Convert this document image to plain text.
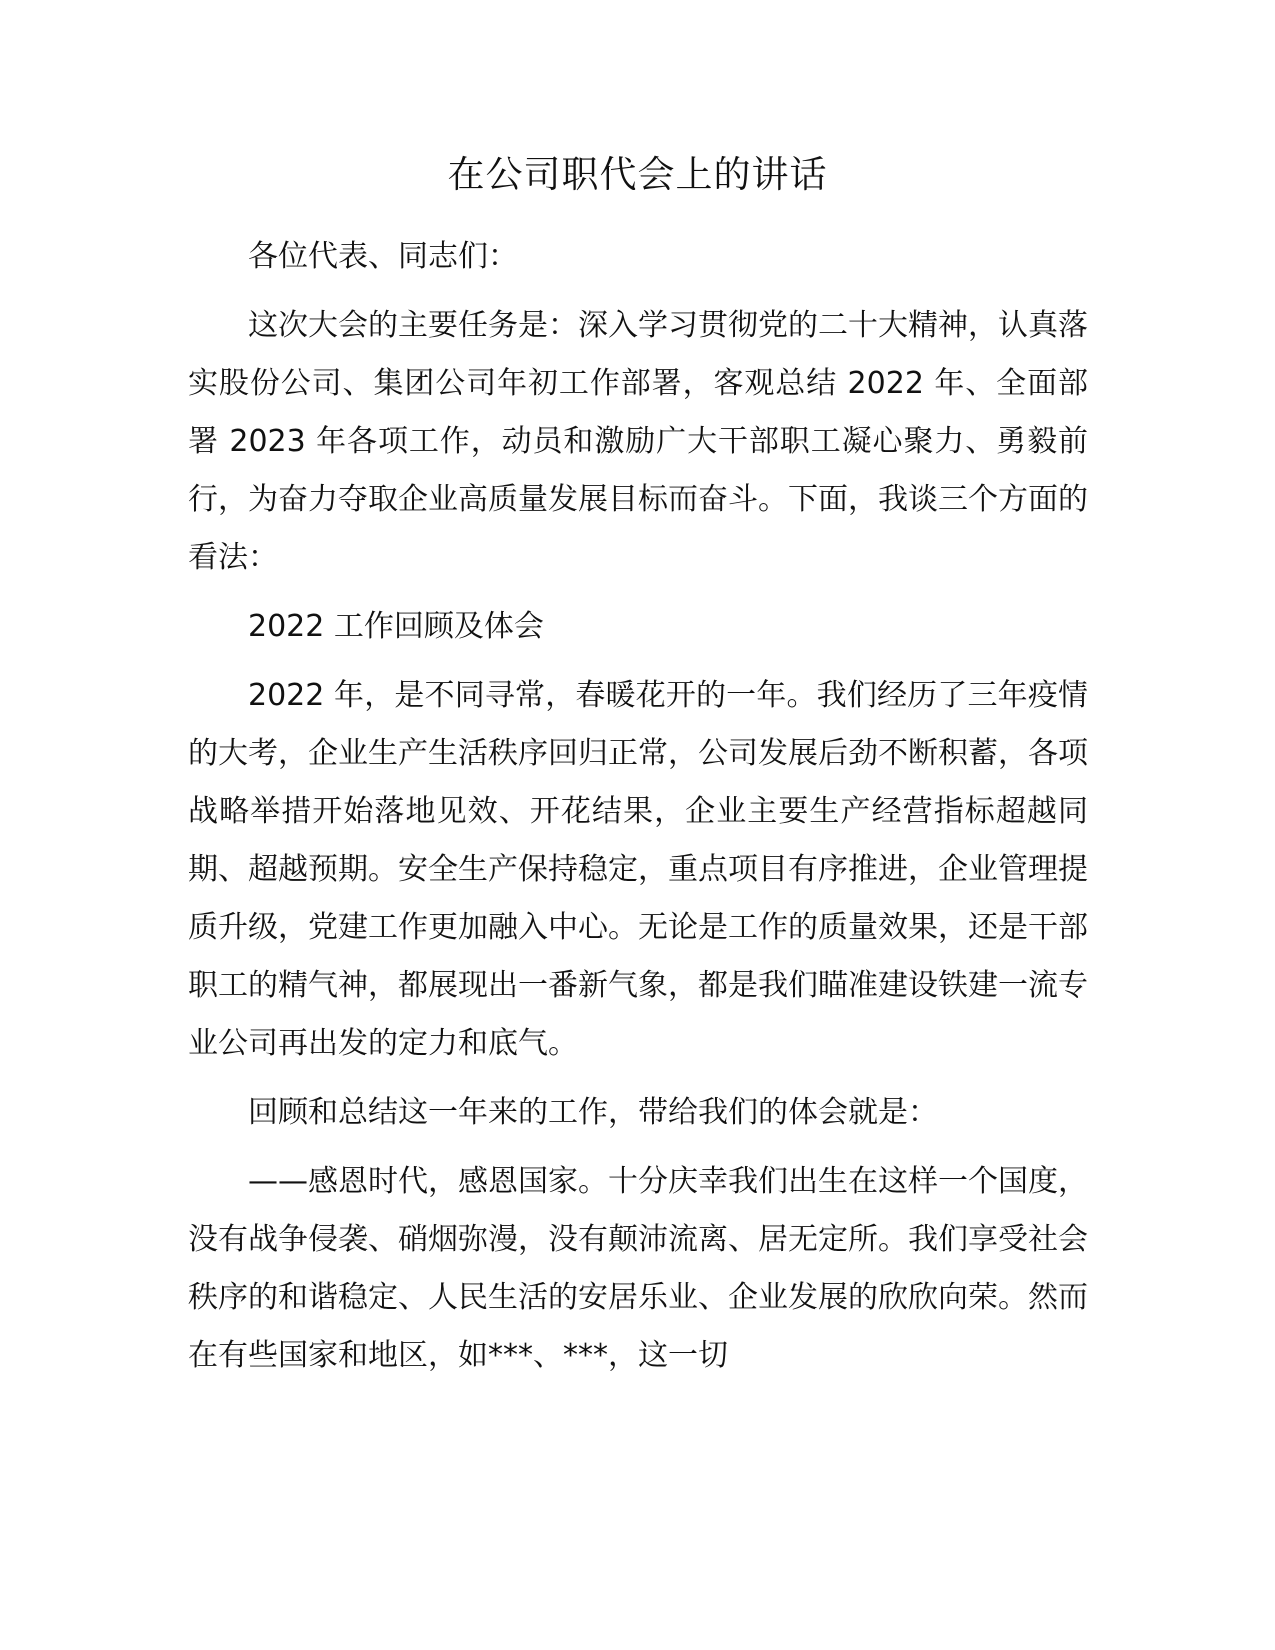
在公司职代会上的讲话

各位代表、同志们：

这次大会的主要任务是：深入学习贯彻党的二十大精神，认真落实股份公司、集团公司年初工作部署，客观总结 2022 年、全面部署 2023 年各项工作，动员和激励广大干部职工凝心聚力、勇毅前行，为奋力夺取企业高质量发展目标而奋斗。下面，我谈三个方面的看法：

2022 工作回顾及体会

2022 年，是不同寻常，春暖花开的一年。我们经历了三年疫情的大考，企业生产生活秩序回归正常，公司发展后劲不断积蓄，各项战略举措开始落地见效、开花结果，企业主要生产经营指标超越同期、超越预期。安全生产保持稳定，重点项目有序推进，企业管理提质升级，党建工作更加融入中心。无论是工作的质量效果，还是干部职工的精气神，都展现出一番新气象，都是我们瞄准建设铁建一流专业公司再出发的定力和底气。

回顾和总结这一年来的工作，带给我们的体会就是：

——感恩时代，感恩国家。十分庆幸我们出生在这样一个国度，没有战争侵袭、硝烟弥漫，没有颠沛流离、居无定所。我们享受社会秩序的和谐稳定、人民生活的安居乐业、企业发展的欣欣向荣。然而在有些国家和地区，如***、***，这一切
